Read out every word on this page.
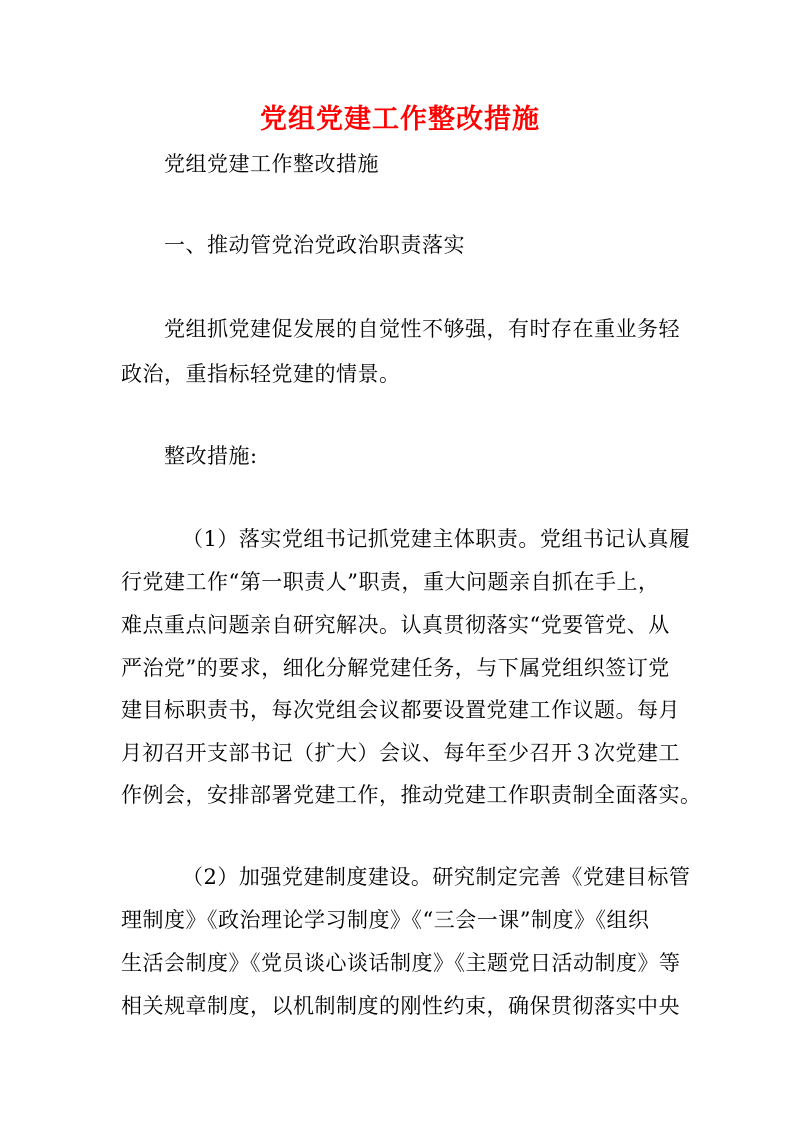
党组党建工作整改措施
党组党建工作整改措施
一、推动管党治党政治职责落实
党组抓党建促发展的自觉性不够强，有时存在重业务轻
政治，重指标轻党建的情景。
整改措施:
（1）落实党组书记抓党建主体职责。党组书记认真履
行党建工作“第一职责人”职责，重大问题亲自抓在手上，
难点重点问题亲自研究解决。认真贯彻落实“党要管党、从
严治党”的要求，细化分解党建任务，与下属党组织签订党
建目标职责书，每次党组会议都要设置党建工作议题。每月
月初召开支部书记（扩大）会议、每年至少召开３次党建工
作例会，安排部署党建工作，推动党建工作职责制全面落实。
（2）加强党建制度建设。研究制定完善《党建目标管
理制度》《政治理论学习制度》《“三会一课”制度》《组织
生活会制度》《党员谈心谈话制度》《主题党日活动制度》等
相关规章制度，以机制制度的刚性约束，确保贯彻落实中央
